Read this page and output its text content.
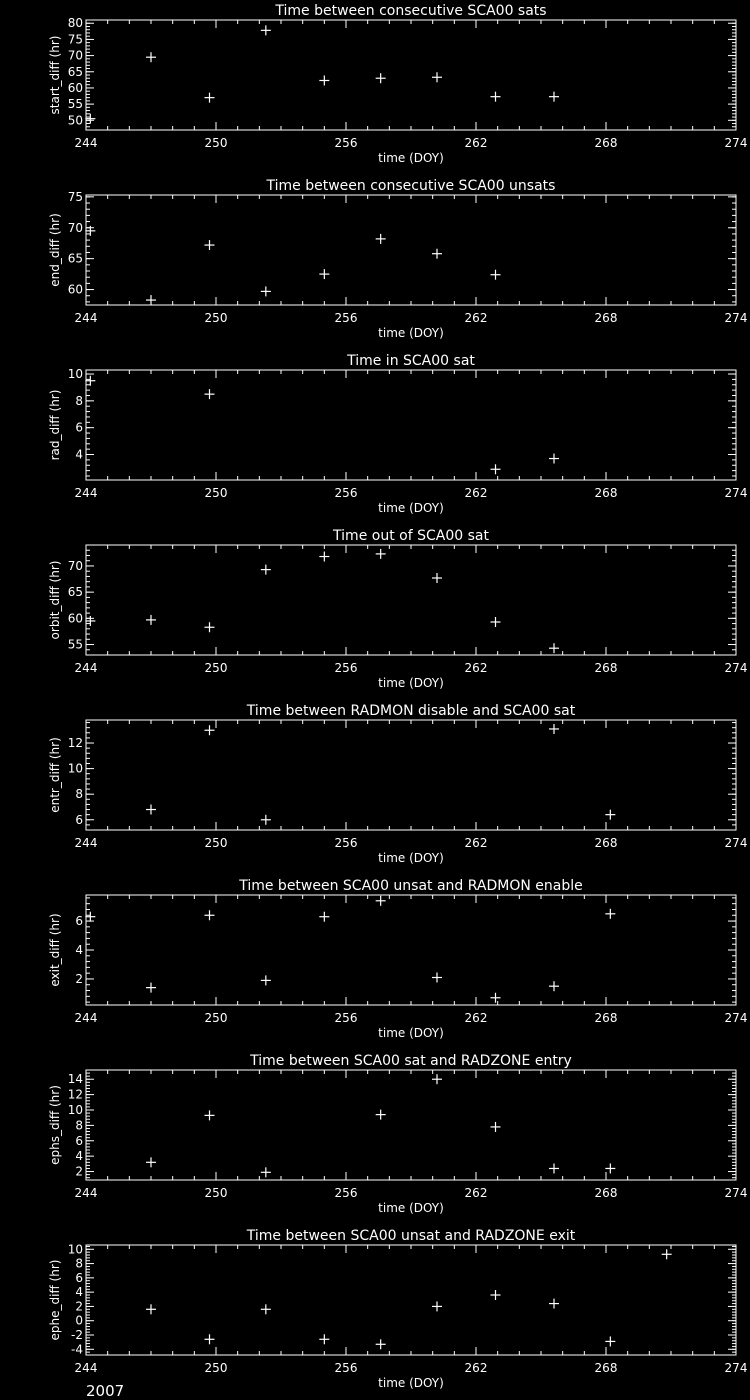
Time between consecutive SCA00 sats
244	250	256	262	268	274
50
55
60
65
70
75
80
time (DOY)
start_diff (hr)
Time between consecutive SCA00 unsats
244	250	256	262	268	274
60
65
70
75
time (DOY)
end_diff (hr)
Time in SCA00 sat
244	250	256	262	268	274
4
6
8
10
time (DOY)
rad_diff (hr)
Time out of SCA00 sat
244	250	256	262	268	274
55
60
65
70
time (DOY)
orbit_diff (hr)
Time between RADMON disable and SCA00 sat
244	250	256	262	268	274
6
8
10
12
time (DOY)
entr_diff (hr)
Time between SCA00 unsat and RADMON enable
244	250	256	262	268	274
2
4
6
time (DOY)
exit_diff (hr)
Time between SCA00 sat and RADZONE entry
244	250	256	262	268	274
2
4
6
8
10
12
14
time (DOY)
ephs_diff (hr)
Time between SCA00 unsat and RADZONE exit
244	250	256	262	268	274
-4
-2
0
2
4
6
8
10
time (DOY)
ephe_diff (hr)
2007
